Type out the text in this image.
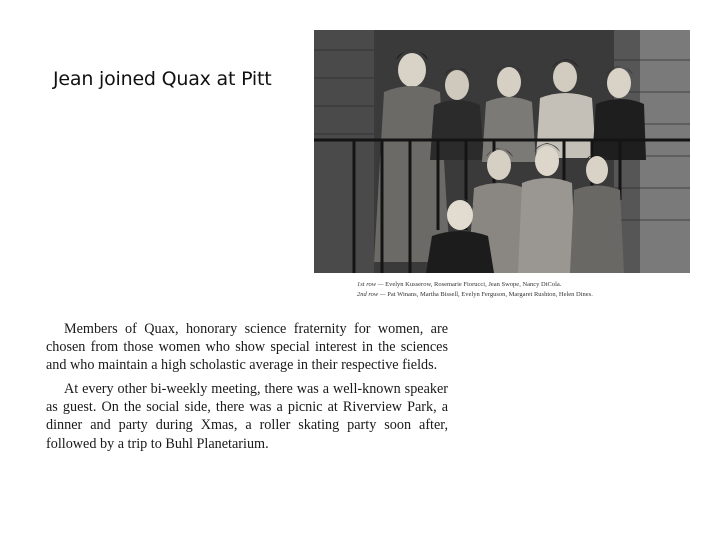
Jean joined Quax at Pitt
1st row — Evelyn Kusserow, Rosemarie Fiorucci, Jean Swope, Nancy DiCola.
2nd row — Pat Winans, Martha Bissell, Evelyn Ferguson, Margaret Rushton, Helen Dines.

Members of Quax, honorary science fraternity for women, are chosen from those women who show special interest in the sciences and who maintain a high scholastic average in their respective fields.

At every other bi-weekly meeting, there was a well-known speaker as guest. On the social side, there was a picnic at Riverview Park, a dinner and party during Xmas, a roller skating party soon after, followed by a trip to Buhl Planetarium.
